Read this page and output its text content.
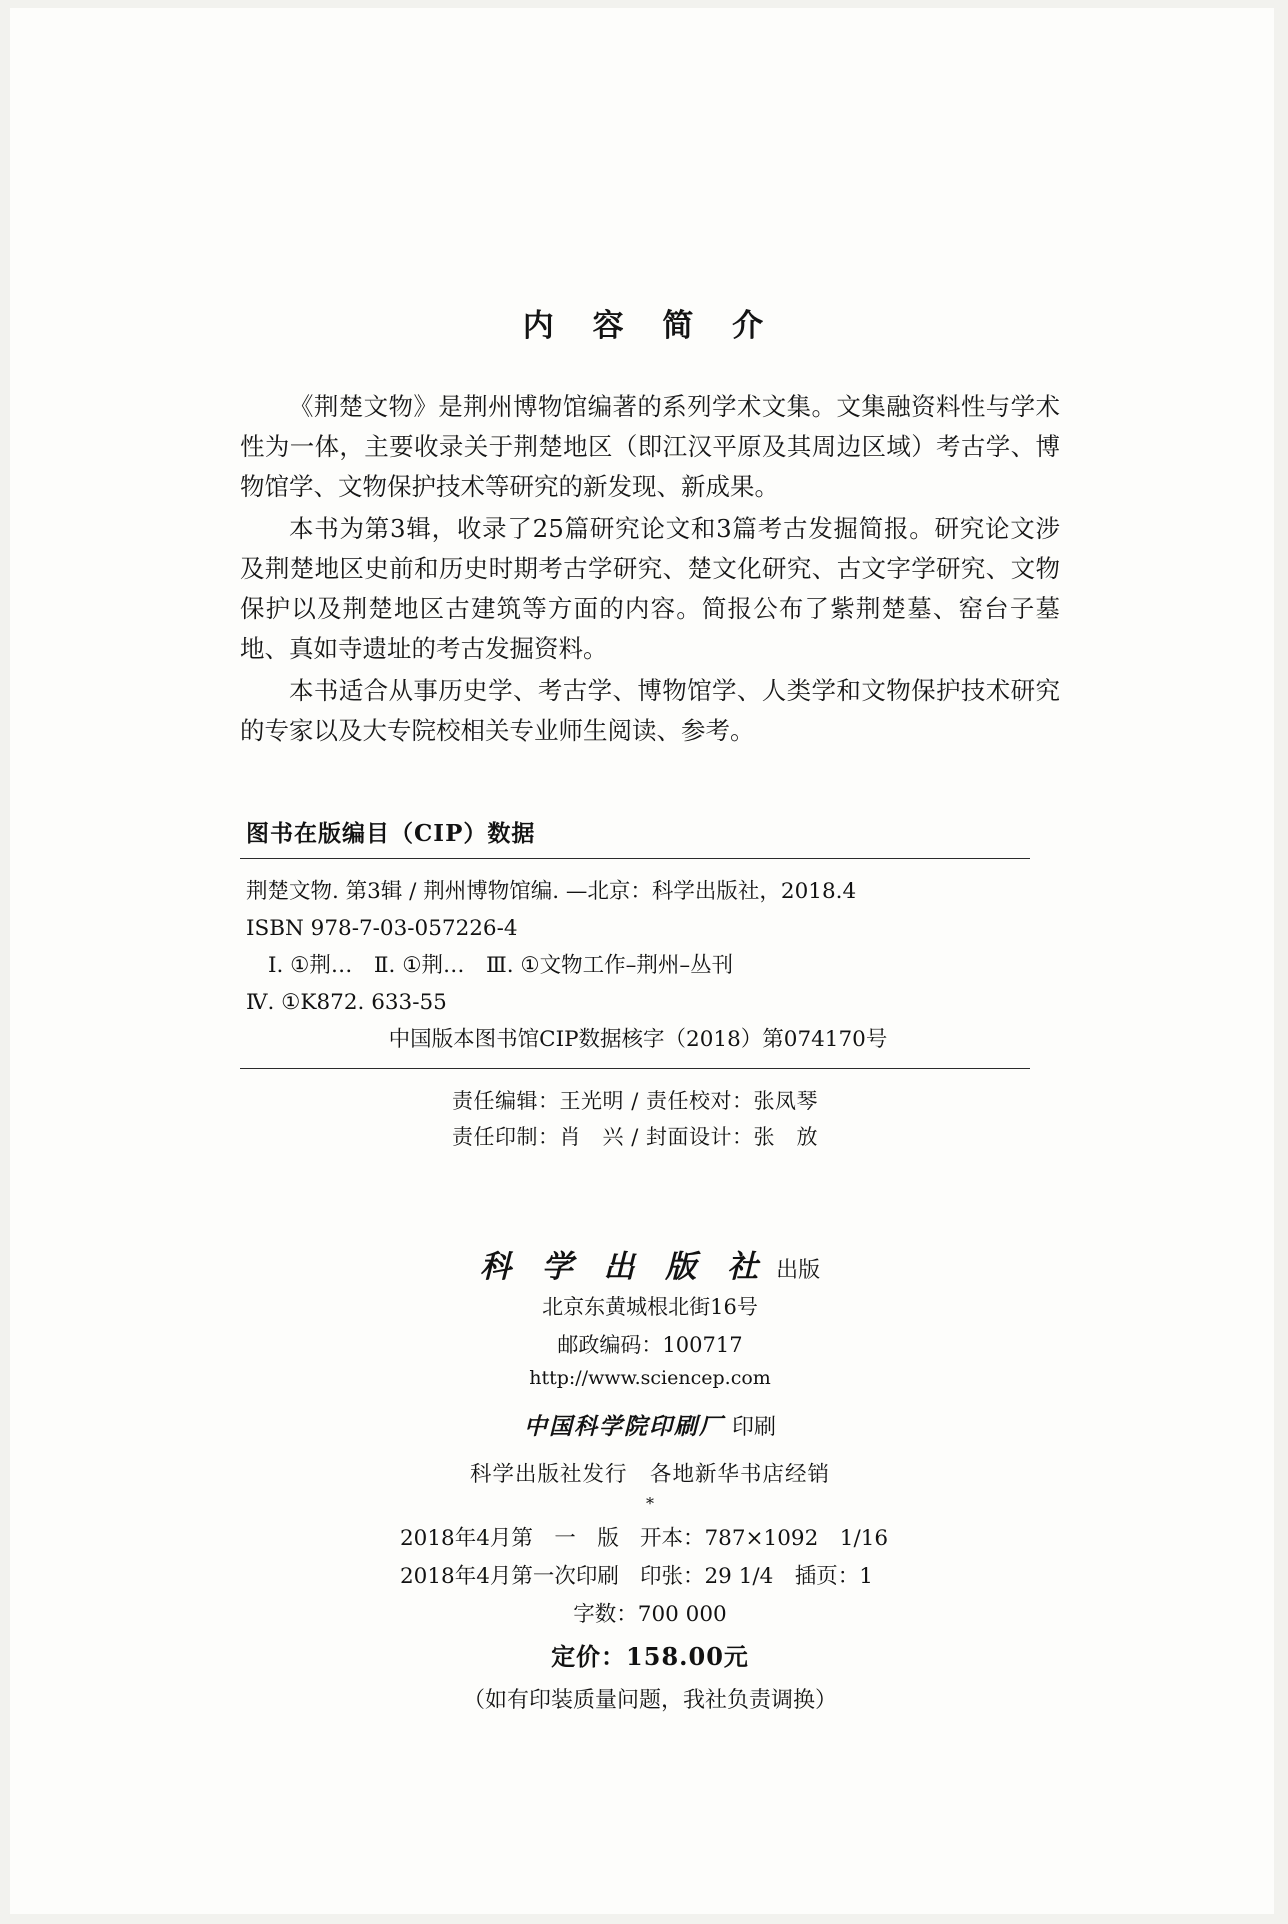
内 容 简 介

《荆楚文物》是荆州博物馆编著的系列学术文集。文集融资料性与学术性为一体，主要收录关于荆楚地区（即江汉平原及其周边区域）考古学、博物馆学、文物保护技术等研究的新发现、新成果。

本书为第3辑，收录了25篇研究论文和3篇考古发掘简报。研究论文涉及荆楚地区史前和历史时期考古学研究、楚文化研究、古文字学研究、文物保护以及荆楚地区古建筑等方面的内容。简报公布了紫荆楚墓、窑台子墓地、真如寺遗址的考古发掘资料。

本书适合从事历史学、考古学、博物馆学、人类学和文物保护技术研究的专家以及大专院校相关专业师生阅读、参考。

图书在版编目（CIP）数据
荆楚文物. 第3辑 / 荆州博物馆编. —北京：科学出版社，2018.4
ISBN 978-7-03-057226-4
Ⅰ. ①荆…　Ⅱ. ①荆…　Ⅲ. ①文物工作–荆州–丛刊
Ⅳ. ①K872. 633-55
中国版本图书馆CIP数据核字（2018）第074170号
责任编辑：王光明 / 责任校对：张凤琴
责任印制：肖　兴 / 封面设计：张　放
科 学 出 版 社 出版
北京东黄城根北街16号
邮政编码：100717
http://www.sciencep.com
中国科学院印刷厂 印刷
科学出版社发行　各地新华书店经销
*
2018年4月第　一　版 开本：787×1092　1/16
2018年4月第一次印刷 印张：29 1/4　插页：1
字数：700 000
定价：158.00元
（如有印装质量问题，我社负责调换）
